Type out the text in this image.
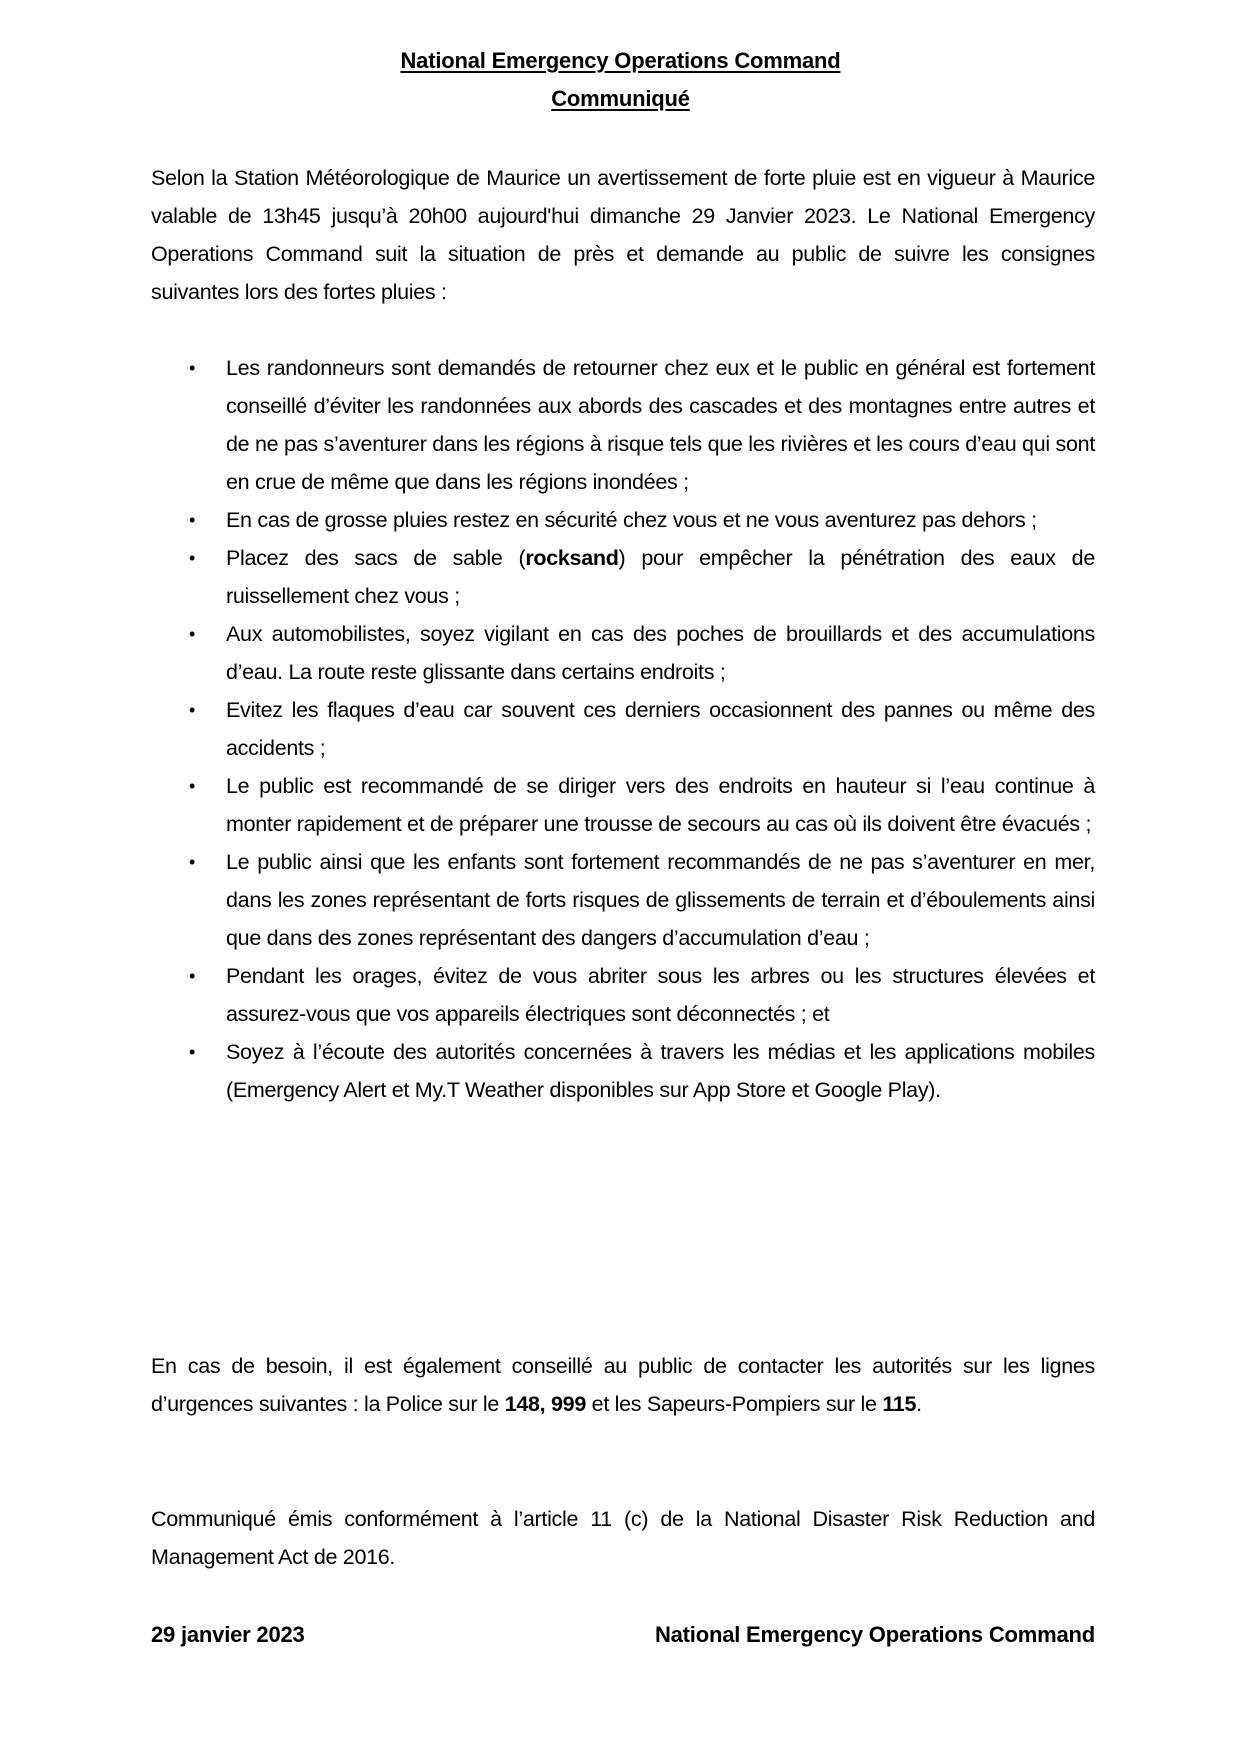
National Emergency Operations Command
Communiqué
Selon la Station Météorologique de Maurice un avertissement de forte pluie est en vigueur à Maurice valable de 13h45 jusqu’à 20h00 aujourd'hui dimanche 29 Janvier 2023. Le National Emergency Operations Command suit la situation de près et demande au public de suivre les consignes suivantes lors des fortes pluies :
• Les randonneurs sont demandés de retourner chez eux et le public en général est fortement conseillé d’éviter les randonnées aux abords des cascades et des montagnes entre autres et de ne pas s’aventurer dans les régions à risque tels que les rivières et les cours d’eau qui sont en crue de même que dans les régions inondées ;
• En cas de grosse pluies restez en sécurité chez vous et ne vous aventurez pas dehors ;
• Placez des sacs de sable (rocksand) pour empêcher la pénétration des eaux de ruissellement chez vous ;
• Aux automobilistes, soyez vigilant en cas des poches de brouillards et des accumulations d’eau. La route reste glissante dans certains endroits ;
• Evitez les flaques d’eau car souvent ces derniers occasionnent des pannes ou même des accidents ;
• Le public est recommandé de se diriger vers des endroits en hauteur si l’eau continue à monter rapidement et de préparer une trousse de secours au cas où ils doivent être évacués ;
• Le public ainsi que les enfants sont fortement recommandés de ne pas s’aventurer en mer, dans les zones représentant de forts risques de glissements de terrain et d’éboulements ainsi que dans des zones représentant des dangers d’accumulation d’eau ;
• Pendant les orages, évitez de vous abriter sous les arbres ou les structures élevées et assurez-vous que vos appareils électriques sont déconnectés ; et
• Soyez à l’écoute des autorités concernées à travers les médias et les applications mobiles (Emergency Alert et My.T Weather disponibles sur App Store et Google Play).
En cas de besoin, il est également conseillé au public de contacter les autorités sur les lignes d’urgences suivantes : la Police sur le 148, 999 et les Sapeurs-Pompiers sur le 115.
Communiqué émis conformément à l’article 11 (c) de la National Disaster Risk Reduction and Management Act de 2016.
29 janvier 2023	National Emergency Operations Command
